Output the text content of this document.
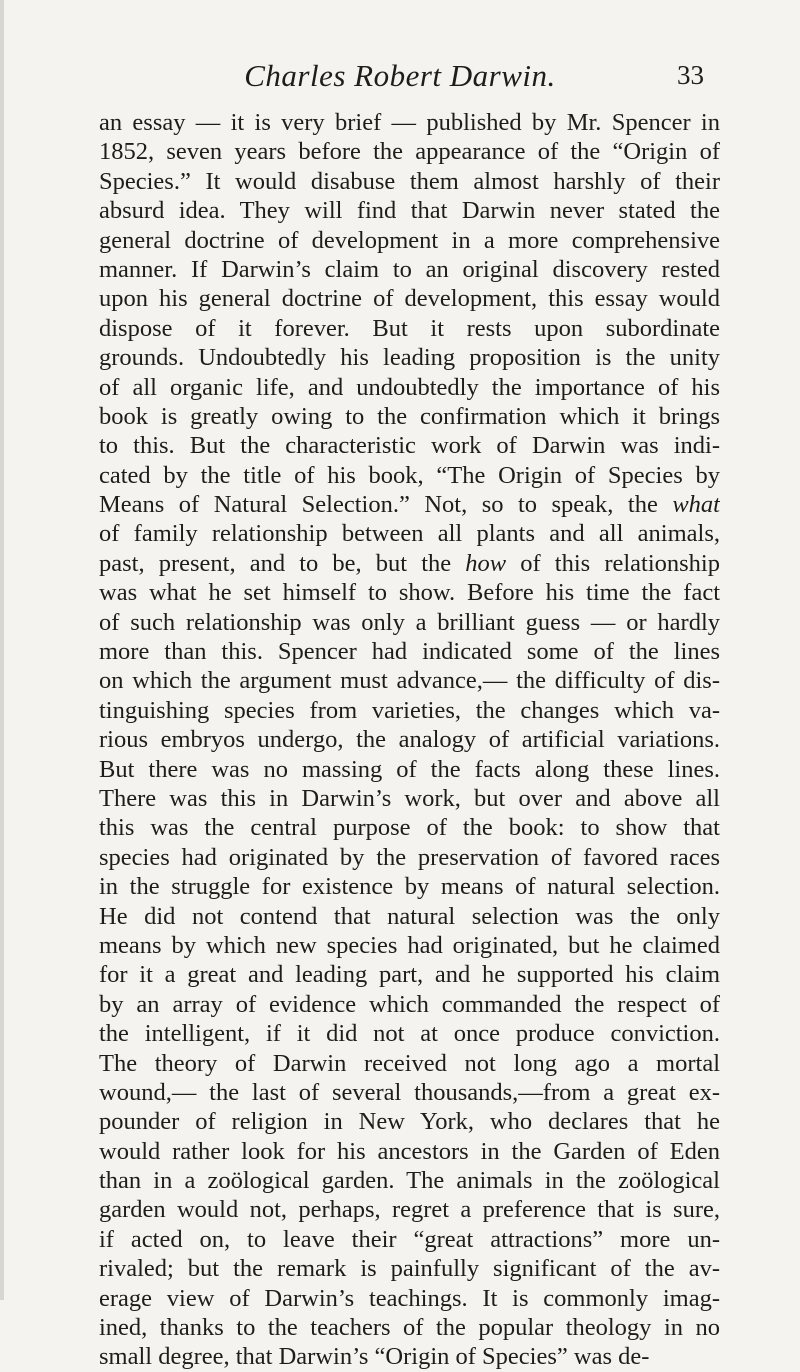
Charles Robert Darwin.	33
an essay — it is very brief — published by Mr. Spencer in
1852, seven years before the appearance of the “Origin of
Species.” It would disabuse them almost harshly of their
absurd idea. They will find that Darwin never stated the
general doctrine of development in a more comprehensive
manner. If Darwin’s claim to an original discovery rested
upon his general doctrine of development, this essay would
dispose of it forever. But it rests upon subordinate
grounds. Undoubtedly his leading proposition is the unity
of all organic life, and undoubtedly the importance of his
book is greatly owing to the confirmation which it brings
to this. But the characteristic work of Darwin was indi-
cated by the title of his book, “The Origin of Species by
Means of Natural Selection.” Not, so to speak, the what
of family relationship between all plants and all animals,
past, present, and to be, but the how of this relationship
was what he set himself to show. Before his time the fact
of such relationship was only a brilliant guess — or hardly
more than this. Spencer had indicated some of the lines
on which the argument must advance,— the difficulty of dis-
tinguishing species from varieties, the changes which va-
rious embryos undergo, the analogy of artificial variations.
But there was no massing of the facts along these lines.
There was this in Darwin’s work, but over and above all
this was the central purpose of the book: to show that
species had originated by the preservation of favored races
in the struggle for existence by means of natural selection.
He did not contend that natural selection was the only
means by which new species had originated, but he claimed
for it a great and leading part, and he supported his claim
by an array of evidence which commanded the respect of
the intelligent, if it did not at once produce conviction.
The theory of Darwin received not long ago a mortal
wound,— the last of several thousands,—from a great ex-
pounder of religion in New York, who declares that he
would rather look for his ancestors in the Garden of Eden
than in a zoölogical garden. The animals in the zoölogical
garden would not, perhaps, regret a preference that is sure,
if acted on, to leave their “great attractions” more un-
rivaled; but the remark is painfully significant of the av-
erage view of Darwin’s teachings. It is commonly imag-
ined, thanks to the teachers of the popular theology in no
small degree, that Darwin’s “Origin of Species” was de-
